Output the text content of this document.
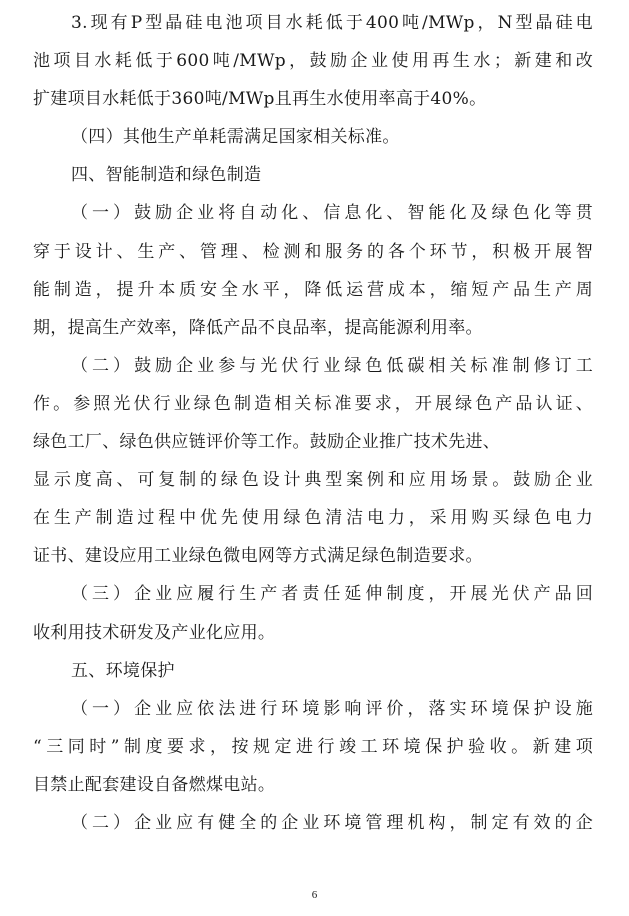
3.现有P型晶硅电池项目水耗低于400吨/MWp，N型晶硅电
池项目水耗低于600吨/MWp，鼓励企业使用再生水；新建和改
扩建项目水耗低于360吨/MWp且再生水使用率高于40%。
（四）其他生产单耗需满足国家相关标准。
四、智能制造和绿色制造
（一）鼓励企业将自动化、信息化、智能化及绿色化等贯
穿于设计、生产、管理、检测和服务的各个环节，积极开展智
能制造，提升本质安全水平，降低运营成本，缩短产品生产周
期，提高生产效率，降低产品不良品率，提高能源利用率。
（二）鼓励企业参与光伏行业绿色低碳相关标准制修订工
作。参照光伏行业绿色制造相关标准要求，开展绿色产品认证、
绿色工厂、绿色供应链评价等工作。鼓励企业推广技术先进、
显示度高、可复制的绿色设计典型案例和应用场景。鼓励企业
在生产制造过程中优先使用绿色清洁电力，采用购买绿色电力
证书、建设应用工业绿色微电网等方式满足绿色制造要求。
（三）企业应履行生产者责任延伸制度，开展光伏产品回
收利用技术研发及产业化应用。
五、环境保护
（一）企业应依法进行环境影响评价，落实环境保护设施
“三同时”制度要求，按规定进行竣工环境保护验收。新建项
目禁止配套建设自备燃煤电站。
（二）企业应有健全的企业环境管理机构，制定有效的企
6
